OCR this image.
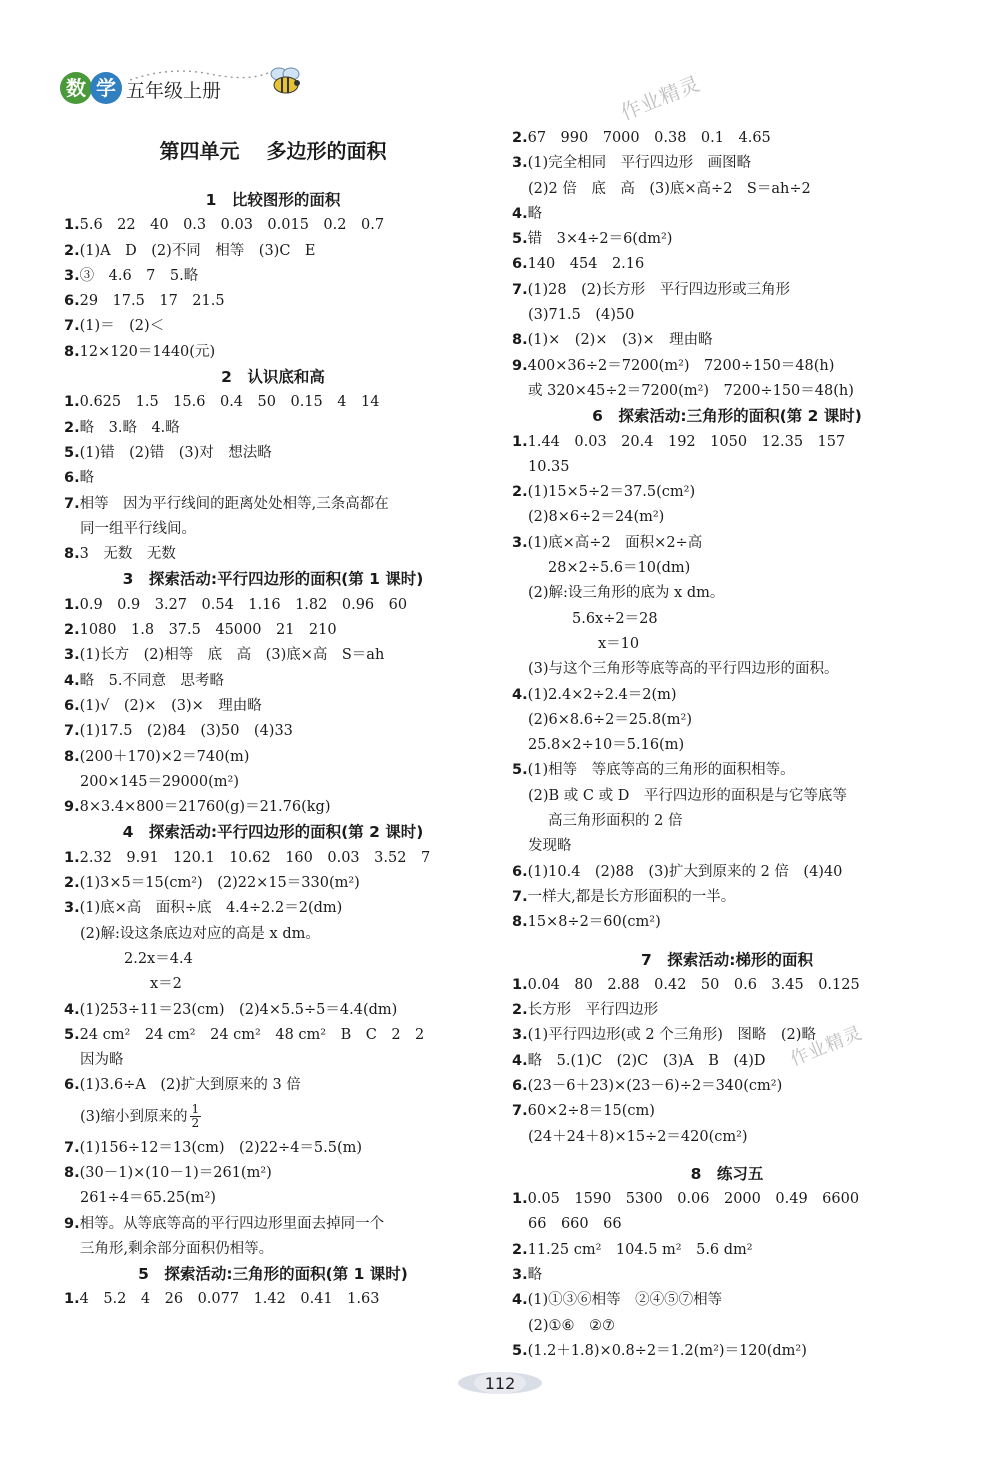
数 学 五年级上册	作业精灵
作业精灵
第四单元　 多边形的面积
1　比较图形的面积
1.5.6　22　40　0.3　0.03　0.015　0.2　0.7
2.(1)A　D　(2)不同　相等　(3)C　E
3.③　4.6　7　5.略
6.29　17.5　17　21.5
7.(1)＝　(2)＜
8.12×120＝1440(元)
2　认识底和高
1.0.625　1.5　15.6　0.4　50　0.15　4　14
2.略　3.略　4.略
5.(1)错　(2)错　(3)对　想法略
6.略
7.相等　因为平行线间的距离处处相等,三条高都在
同一组平行线间。
8.3　无数　无数
3　探索活动:平行四边形的面积(第 1 课时)
1.0.9　0.9　3.27　0.54　1.16　1.82　0.96　60
2.1080　1.8　37.5　45000　21　210
3.(1)长方　(2)相等　底　高　(3)底×高　S＝ah
4.略　5.不同意　思考略
6.(1)√　(2)×　(3)×　理由略
7.(1)17.5　(2)84　(3)50　(4)33
8.(200＋170)×2＝740(m)
200×145＝29000(m²)
9.8×3.4×800＝21760(g)＝21.76(kg)
4　探索活动:平行四边形的面积(第 2 课时)
1.2.32　9.91　120.1　10.62　160　0.03　3.52　7
2.(1)3×5＝15(cm²)　(2)22×15＝330(m²)
3.(1)底×高　面积÷底　4.4÷2.2＝2(dm)
(2)解:设这条底边对应的高是 x dm。
2.2x＝4.4
x＝2
4.(1)253÷11＝23(cm)　(2)4×5.5÷5＝4.4(dm)
5.24 cm²　24 cm²　24 cm²　48 cm²　B　C　2　2
因为略
6.(1)3.6÷A　(2)扩大到原来的 3 倍
(3)缩小到原来的 $\frac{1}{2}$
7.(1)156÷12＝13(cm)　(2)22÷4＝5.5(m)
8.(30－1)×(10－1)＝261(m²)
261÷4＝65.25(m²)
9.相等。从等底等高的平行四边形里面去掉同一个
三角形,剩余部分面积仍相等。
5　探索活动:三角形的面积(第 1 课时)
1.4　5.2　4　26　0.077　1.42　0.41　1.63
2.67　990　7000　0.38　0.1　4.65
3.(1)完全相同　平行四边形　画图略
(2)2 倍　底　高　(3)底×高÷2　S＝ah÷2
4.略
5.错　3×4÷2＝6(dm²)
6.140　454　2.16
7.(1)28　(2)长方形　平行四边形或三角形
(3)71.5　(4)50
8.(1)×　(2)×　(3)×　理由略
9.400×36÷2＝7200(m²)　7200÷150＝48(h)
或 320×45÷2＝7200(m²)　7200÷150＝48(h)
6　探索活动:三角形的面积(第 2 课时)
1.1.44　0.03　20.4　192　1050　12.35　157
10.35
2.(1)15×5÷2＝37.5(cm²)
(2)8×6÷2＝24(m²)
3.(1)底×高÷2　面积×2÷高
28×2÷5.6＝10(dm)
(2)解:设三角形的底为 x dm。
5.6x÷2＝28
x＝10
(3)与这个三角形等底等高的平行四边形的面积。
4.(1)2.4×2÷2.4＝2(m)
(2)6×8.6÷2＝25.8(m²)
25.8×2÷10＝5.16(m)
5.(1)相等　等底等高的三角形的面积相等。
(2)B 或 C 或 D　平行四边形的面积是与它等底等
高三角形面积的 2 倍
发现略
6.(1)10.4　(2)88　(3)扩大到原来的 2 倍　(4)40
7.一样大,都是长方形面积的一半。
8.15×8÷2＝60(cm²)
7　探索活动:梯形的面积
1.0.04　80　2.88　0.42　50　0.6　3.45　0.125
2.长方形　平行四边形
3.(1)平行四边形(或 2 个三角形)　图略　(2)略
4.略　5.(1)C　(2)C　(3)A　B　(4)D
6.(23－6＋23)×(23－6)÷2＝340(cm²)
7.60×2÷8＝15(cm)
(24＋24＋8)×15÷2＝420(cm²)
8　练习五
1.0.05　1590　5300　0.06　2000　0.49　6600
66　660　66
2.11.25 cm²　104.5 m²　5.6 dm²
3.略
4.(1)①③⑥相等　②④⑤⑦相等
(2)①⑥　②⑦
5.(1.2＋1.8)×0.8÷2＝1.2(m²)＝120(dm²)
112
